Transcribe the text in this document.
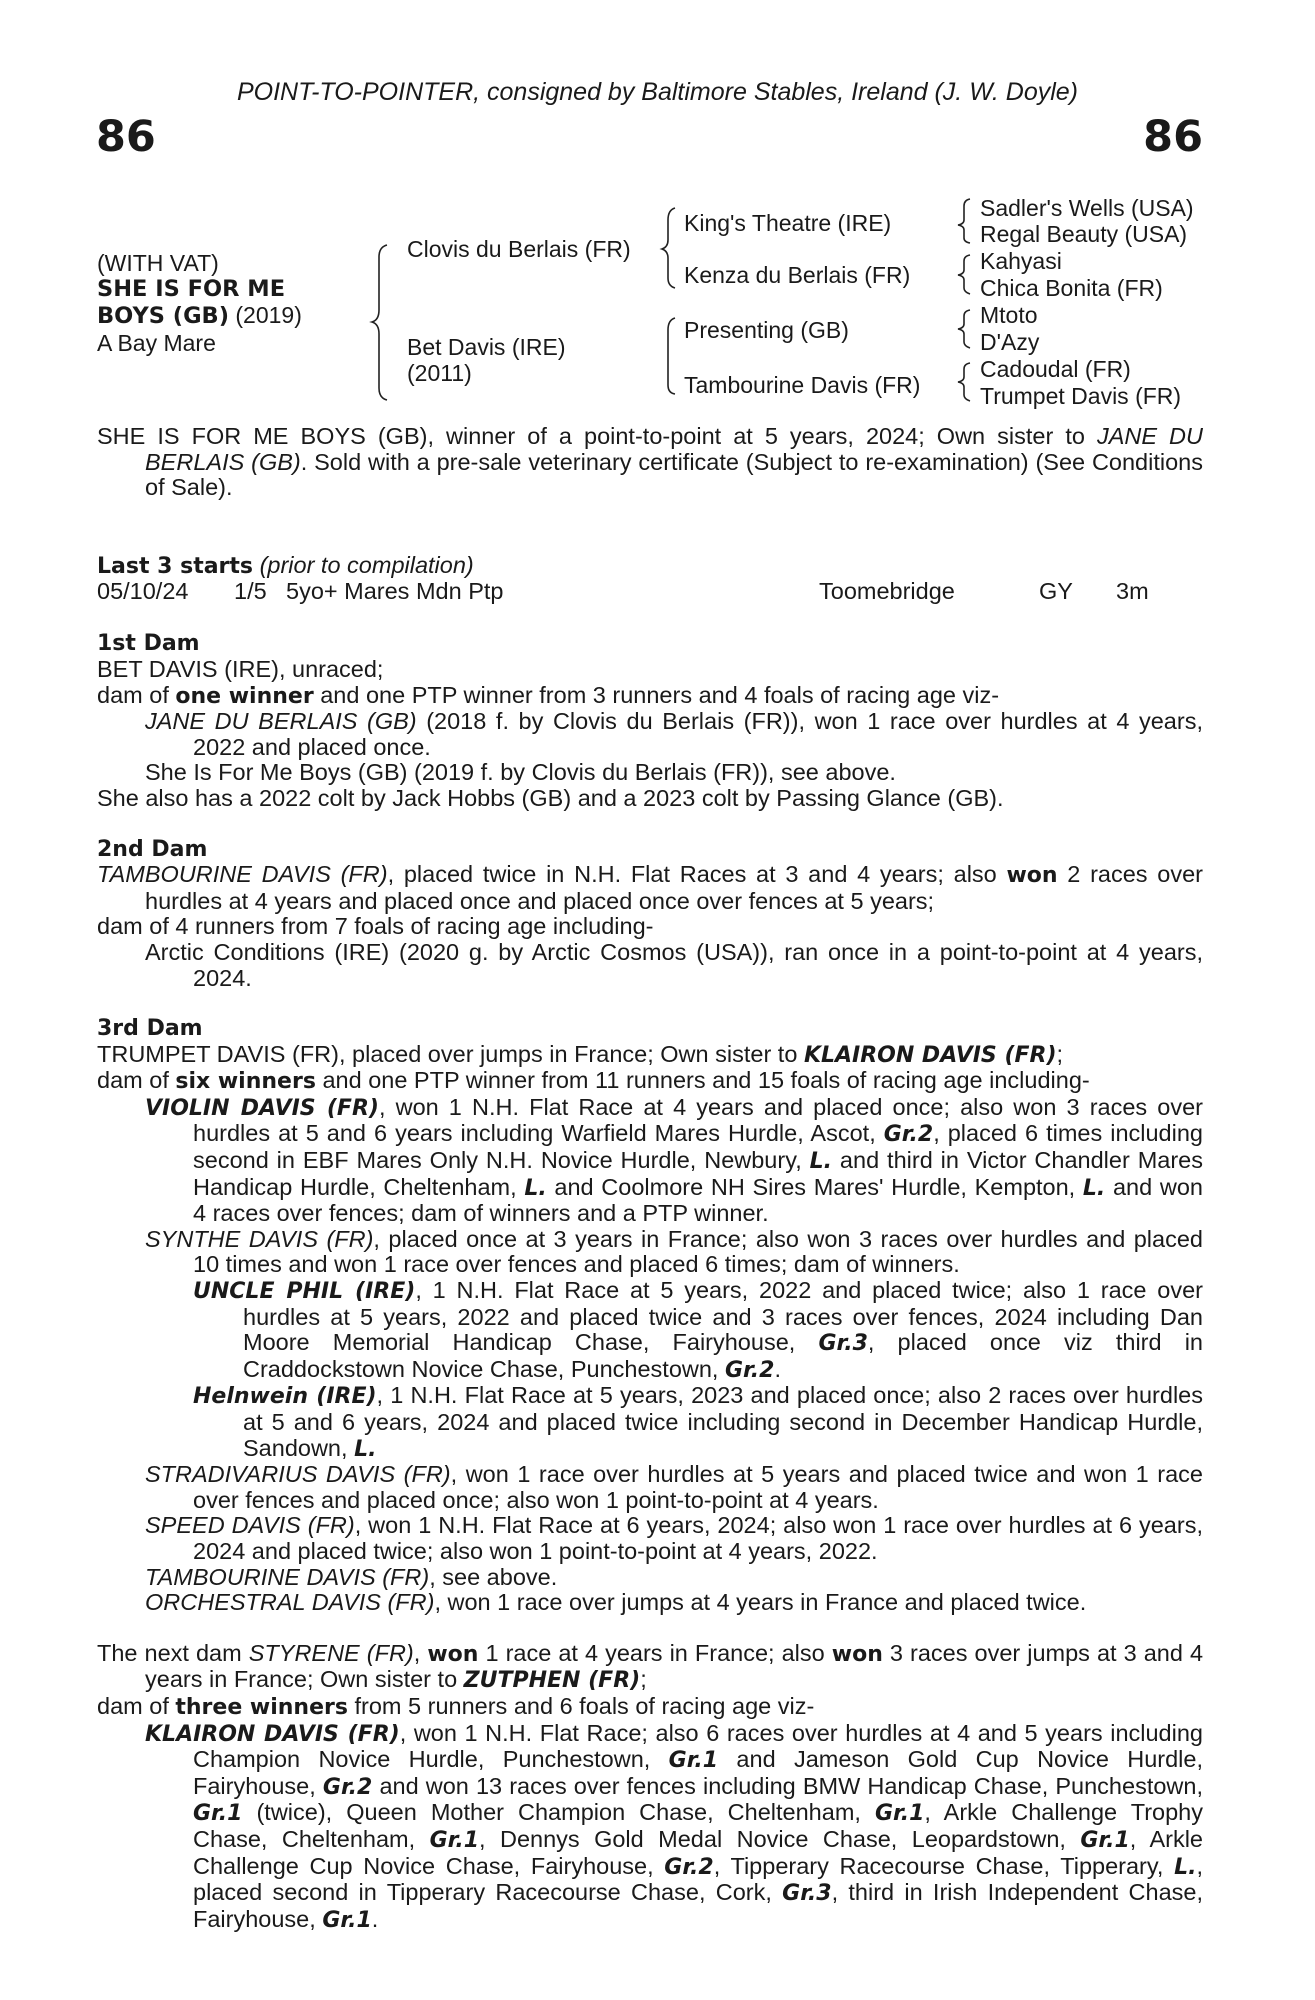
POINT-TO-POINTER, consigned by Baltimore Stables, Ireland (J. W. Doyle)
86	86
(WITH VAT)
SHE IS FOR ME
BOYS (GB) (2019)
A Bay Mare
Clovis du Berlais (FR)
Bet Davis (IRE)
(2011)
King's Theatre (IRE)
Kenza du Berlais (FR)
Presenting (GB)
Tambourine Davis (FR)
Sadler's Wells (USA)
Regal Beauty (USA)
Kahyasi
Chica Bonita (FR)
Mtoto
D'Azy
Cadoudal (FR)
Trumpet Davis (FR)

SHE IS FOR ME BOYS (GB), winner of a point-to-point at 5 years, 2024; Own sister to JANE DU BERLAIS (GB). Sold with a pre-sale veterinary certificate (Subject to re-examination) (See Conditions of Sale).

Last 3 starts (prior to compilation)

05/10/24 1/5 5yo+ Mares Mdn Ptp	Toomebridge	GY 3m

1st Dam

BET DAVIS (IRE), unraced;

dam of one winner and one PTP winner from 3 runners and 4 foals of racing age viz-

JANE DU BERLAIS (GB) (2018 f. by Clovis du Berlais (FR)), won 1 race over hurdles at 4 years, 2022 and placed once.

She Is For Me Boys (GB) (2019 f. by Clovis du Berlais (FR)), see above.

She also has a 2022 colt by Jack Hobbs (GB) and a 2023 colt by Passing Glance (GB).

2nd Dam

TAMBOURINE DAVIS (FR), placed twice in N.H. Flat Races at 3 and 4 years; also won 2 races over hurdles at 4 years and placed once and placed once over fences at 5 years;

dam of 4 runners from 7 foals of racing age including-

Arctic Conditions (IRE) (2020 g. by Arctic Cosmos (USA)), ran once in a point-to-point at 4 years, 2024.

3rd Dam

TRUMPET DAVIS (FR), placed over jumps in France; Own sister to KLAIRON DAVIS (FR);

dam of six winners and one PTP winner from 11 runners and 15 foals of racing age including-

VIOLIN DAVIS (FR), won 1 N.H. Flat Race at 4 years and placed once; also won 3 races over hurdles at 5 and 6 years including Warfield Mares Hurdle, Ascot, Gr.2, placed 6 times including second in EBF Mares Only N.H. Novice Hurdle, Newbury, L. and third in Victor Chandler Mares Handicap Hurdle, Cheltenham, L. and Coolmore NH Sires Mares' Hurdle, Kempton, L. and won 4 races over fences; dam of winners and a PTP winner.

SYNTHE DAVIS (FR), placed once at 3 years in France; also won 3 races over hurdles and placed 10 times and won 1 race over fences and placed 6 times; dam of winners.

UNCLE PHIL (IRE), 1 N.H. Flat Race at 5 years, 2022 and placed twice; also 1 race over hurdles at 5 years, 2022 and placed twice and 3 races over fences, 2024 including Dan Moore Memorial Handicap Chase, Fairyhouse, Gr.3, placed once viz third in Craddockstown Novice Chase, Punchestown, Gr.2.

Helnwein (IRE), 1 N.H. Flat Race at 5 years, 2023 and placed once; also 2 races over hurdles at 5 and 6 years, 2024 and placed twice including second in December Handicap Hurdle, Sandown, L.

STRADIVARIUS DAVIS (FR), won 1 race over hurdles at 5 years and placed twice and won 1 race over fences and placed once; also won 1 point-to-point at 4 years.

SPEED DAVIS (FR), won 1 N.H. Flat Race at 6 years, 2024; also won 1 race over hurdles at 6 years, 2024 and placed twice; also won 1 point-to-point at 4 years, 2022.

TAMBOURINE DAVIS (FR), see above.

ORCHESTRAL DAVIS (FR), won 1 race over jumps at 4 years in France and placed twice.

The next dam STYRENE (FR), won 1 race at 4 years in France; also won 3 races over jumps at 3 and 4 years in France; Own sister to ZUTPHEN (FR);

dam of three winners from 5 runners and 6 foals of racing age viz-

KLAIRON DAVIS (FR), won 1 N.H. Flat Race; also 6 races over hurdles at 4 and 5 years including Champion Novice Hurdle, Punchestown, Gr.1 and Jameson Gold Cup Novice Hurdle, Fairyhouse, Gr.2 and won 13 races over fences including BMW Handicap Chase, Punchestown, Gr.1 (twice), Queen Mother Champion Chase, Cheltenham, Gr.1, Arkle Challenge Trophy Chase, Cheltenham, Gr.1, Dennys Gold Medal Novice Chase, Leopardstown, Gr.1, Arkle Challenge Cup Novice Chase, Fairyhouse, Gr.2, Tipperary Racecourse Chase, Tipperary, L., placed second in Tipperary Racecourse Chase, Cork, Gr.3, third in Irish Independent Chase, Fairyhouse, Gr.1.
